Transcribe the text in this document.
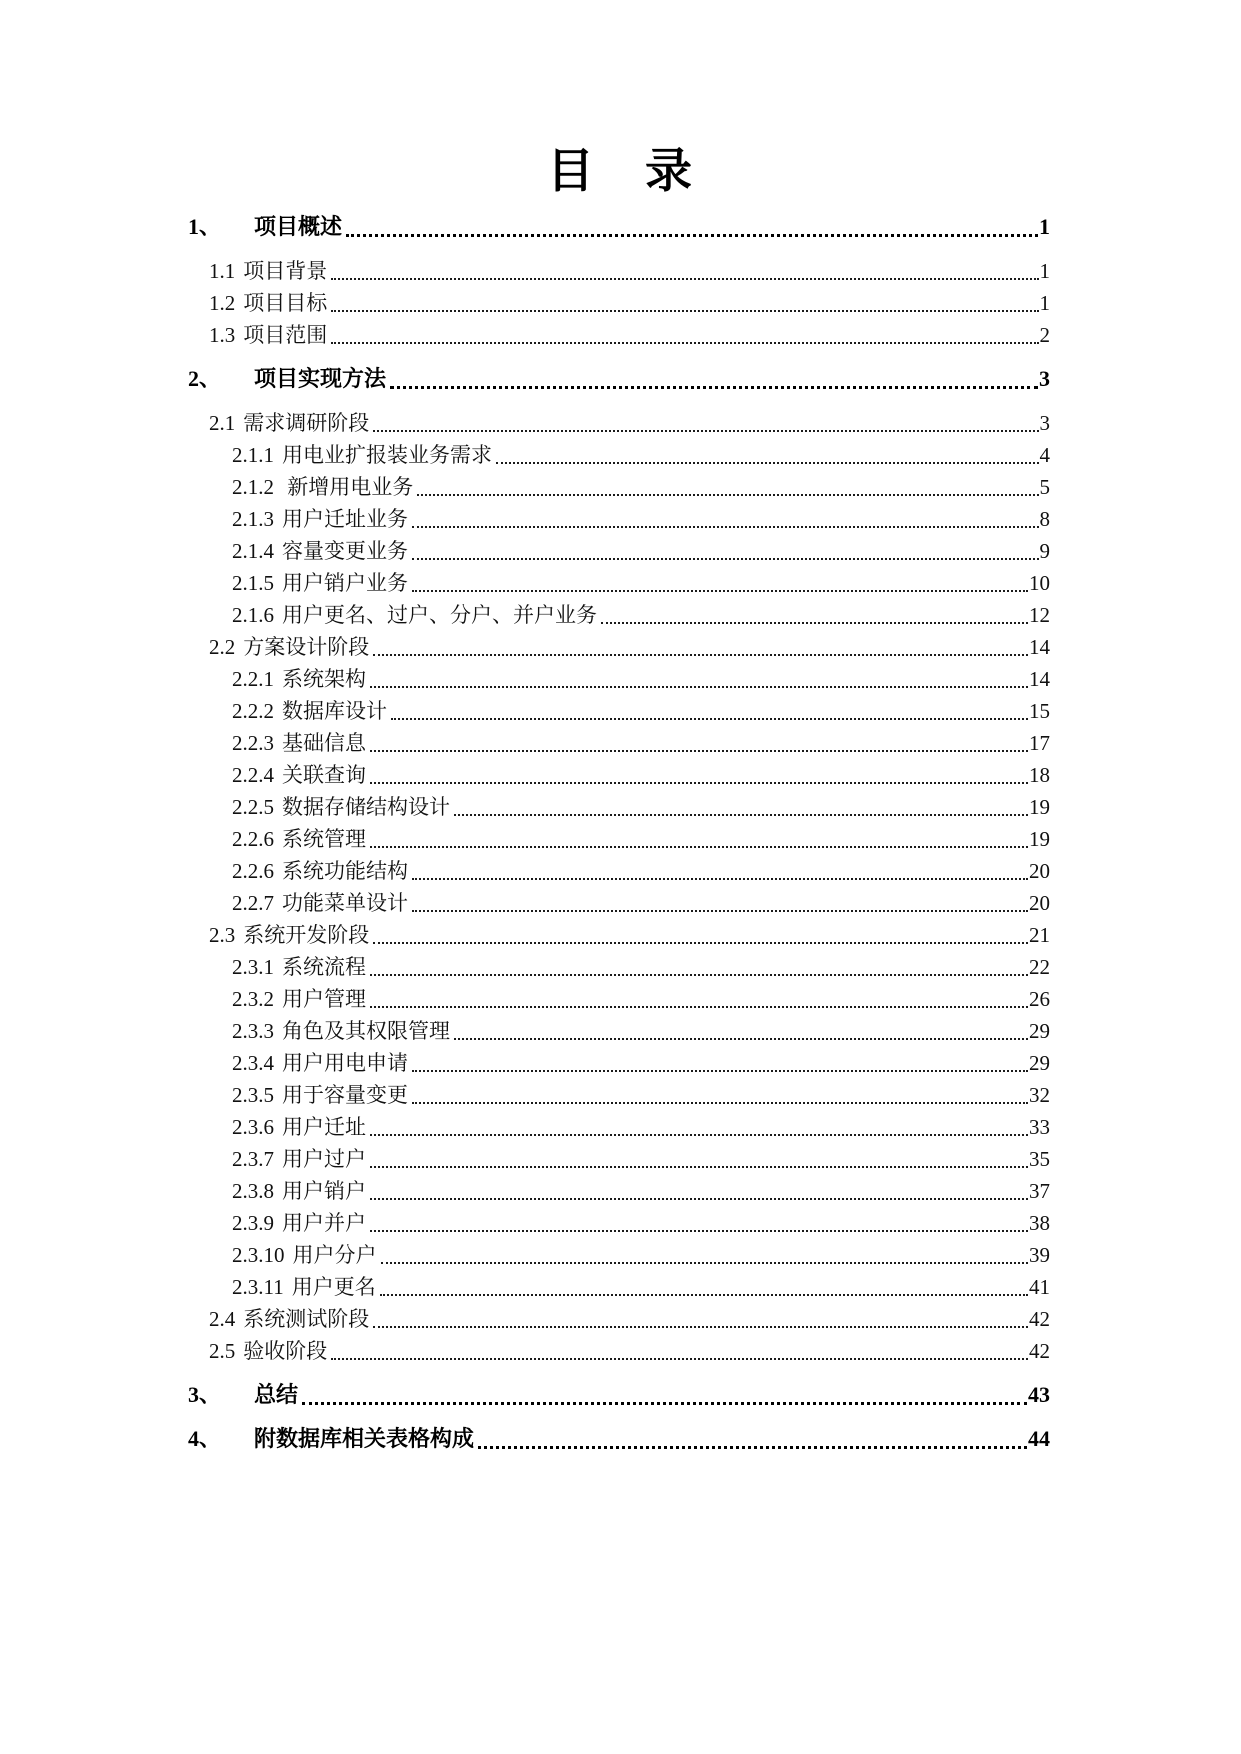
目　录
1、	项目概述	1
1.1 项目背景	1
1.2 项目目标	1
1.3 项目范围	2
2、	项目实现方法	3
2.1 需求调研阶段	3
2.1.1 用电业扩报装业务需求	4
2.1.2 新增用电业务	5
2.1.3 用户迁址业务	8
2.1.4 容量变更业务	9
2.1.5 用户销户业务	10
2.1.6 用户更名、过户、分户、并户业务	12
2.2 方案设计阶段	14
2.2.1 系统架构	14
2.2.2 数据库设计	15
2.2.3 基础信息	17
2.2.4 关联查询	18
2.2.5 数据存储结构设计	19
2.2.6 系统管理	19
2.2.6 系统功能结构	20
2.2.7 功能菜单设计	20
2.3 系统开发阶段	21
2.3.1 系统流程	22
2.3.2 用户管理	26
2.3.3 角色及其权限管理	29
2.3.4 用户用电申请	29
2.3.5 用于容量变更	32
2.3.6 用户迁址	33
2.3.7 用户过户	35
2.3.8 用户销户	37
2.3.9 用户并户	38
2.3.10 用户分户	39
2.3.11 用户更名	41
2.4 系统测试阶段	42
2.5 验收阶段	42
3、	总结	43
4、	附数据库相关表格构成	44
